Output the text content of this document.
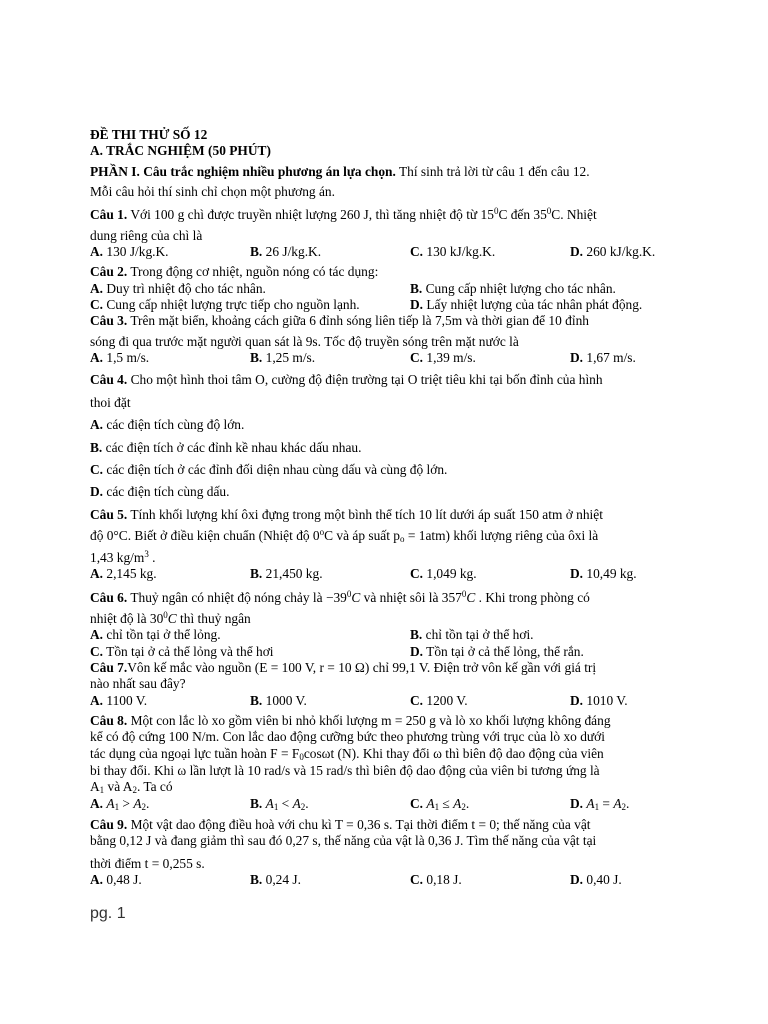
ĐỀ THI THỬ SỐ 12

A. TRẮC NGHIỆM (50 PHÚT)

PHẦN I. Câu trắc nghiệm nhiều phương án lựa chọn. Thí sinh trả lời từ câu 1 đến câu 12.

Mỗi câu hỏi thí sinh chỉ chọn một phương án.

Câu 1. Với 100 g chì được truyền nhiệt lượng 260 J, thì tăng nhiệt độ từ $15^0C$ đến $35^0C$. Nhiệt

dung riêng của chì là

A. 130 J/kg.K.	B. 26 J/kg.K.	C. 130 kJ/kg.K.	D. 260 kJ/kg.K.

Câu 2. Trong động cơ nhiệt, nguồn nóng có tác dụng:

A. Duy trì nhiệt độ cho tác nhân.	B. Cung cấp nhiệt lượng cho tác nhân.
C. Cung cấp nhiệt lượng trực tiếp cho nguồn lạnh.	D. Lấy nhiệt lượng của tác nhân phát động.

Câu 3. Trên mặt biển, khoảng cách giữa 6 đỉnh sóng liên tiếp là 7,5m và thời gian để 10 đỉnh

sóng đi qua trước mặt người quan sát là 9s. Tốc độ truyền sóng trên mặt nước là

A. 1,5 m/s.	B. 1,25 m/s.	C. 1,39 m/s.	D. 1,67 m/s.

Câu 4. Cho một hình thoi tâm O, cường độ điện trường tại O triệt tiêu khi tại bốn đỉnh của hình

thoi đặt

A. các điện tích cùng độ lớn.

B. các điện tích ở các đỉnh kề nhau khác dấu nhau.

C. các điện tích ở các đỉnh đối diện nhau cùng dấu và cùng độ lớn.

D. các điện tích cùng dấu.

Câu 5. Tính khối lượng khí ôxi đựng trong một bình thể tích 10 lít dưới áp suất 150 atm ở nhiệt

độ 0°C. Biết ở điều kiện chuẩn (Nhiệt độ 0$^o$C và áp suất $p_o = 1atm$) khối lượng riêng của ôxi là

1,43 $kg/m^3$ .

A. 2,145 kg.	B. 21,450 kg.	C. 1,049 kg.	D. 10,49 kg.

Câu 6. Thuỷ ngân có nhiệt độ nóng chảy là $-39^0C$ và nhiệt sôi là $357^0C$ . Khi trong phòng có

nhiệt độ là $30^0C$ thì thuỷ ngân

A. chỉ tồn tại ở thể lỏng.	B. chỉ tồn tại ở thể hơi.
C. Tồn tại ở cả thể lỏng và thể hơi	D. Tồn tại ở cả thể lỏng, thể rắn.

Câu 7.Vôn kế mắc vào nguồn (E = 100 V, r = 10 Ω) chỉ 99,1 V. Điện trở vôn kế gần với giá trị

nào nhất sau đây?

A. 1100 V.	B. 1000 V.	C. 1200 V.	D. 1010 V.

Câu 8. Một con lắc lò xo gồm viên bi nhỏ khối lượng m = 250 g và lò xo khối lượng không đáng

kể có độ cứng 100 N/m. Con lắc dao động cưỡng bức theo phương trùng với trục của lò xo dưới

tác dụng của ngoại lực tuần hoàn $F = F_0\cos\omega t$ (N). Khi thay đổi ω thì biên độ dao động của viên

bi thay đổi. Khi ω lần lượt là 10 rad/s và 15 rad/s thì biên độ dao động của viên bi tương ứng là

$A_1$ và $A_2$. Ta có

A. $A_1 > A_2$.	B. $A_1 < A_2$.	C. $A_1 \le A_2$.	D. $A_1 = A_2$.

Câu 9. Một vật dao động điều hoà với chu kì T = 0,36 s. Tại thời điểm t = 0; thế năng của vật

bằng 0,12 J và đang giảm thì sau đó 0,27 s, thế năng của vật là 0,36 J. Tìm thế năng của vật tại

thời điểm t = 0,255 s.

A. 0,48 J.	B. 0,24 J.	C. 0,18 J.	D. 0,40 J.
pg. 1
